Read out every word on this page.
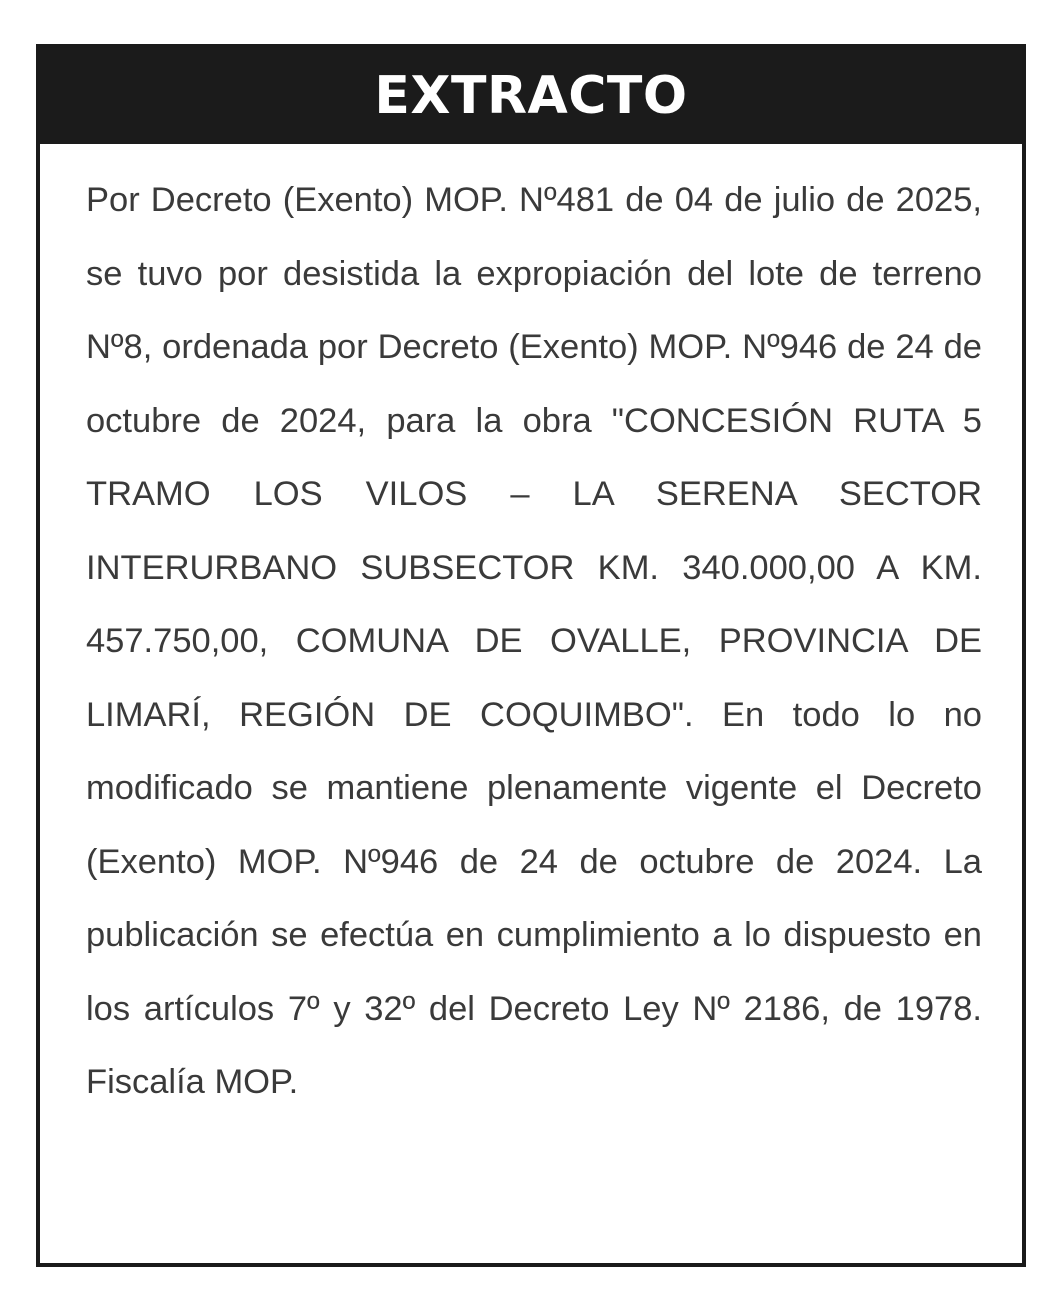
EXTRACTO

Por Decreto (Exento) MOP. Nº481 de 04 de julio de 2025, se tuvo por desistida la expropiación del lote de terreno Nº8, ordenada por Decreto (Exento) MOP. Nº946 de 24 de octubre de 2024, para la obra "CONCESIÓN RUTA 5 TRAMO LOS VILOS – LA SERENA SECTOR INTERURBANO SUBSECTOR KM. 340.000,00 A KM. 457.750,00, COMUNA DE OVALLE, PROVINCIA DE LIMARÍ, REGIÓN DE COQUIMBO". En todo lo no modificado se mantiene plenamente vigente el Decreto (Exento) MOP. Nº946 de 24 de octubre de 2024. La publicación se efectúa en cumplimiento a lo dispuesto en los artículos 7º y 32º del Decreto Ley Nº 2186, de 1978. Fiscalía MOP.
